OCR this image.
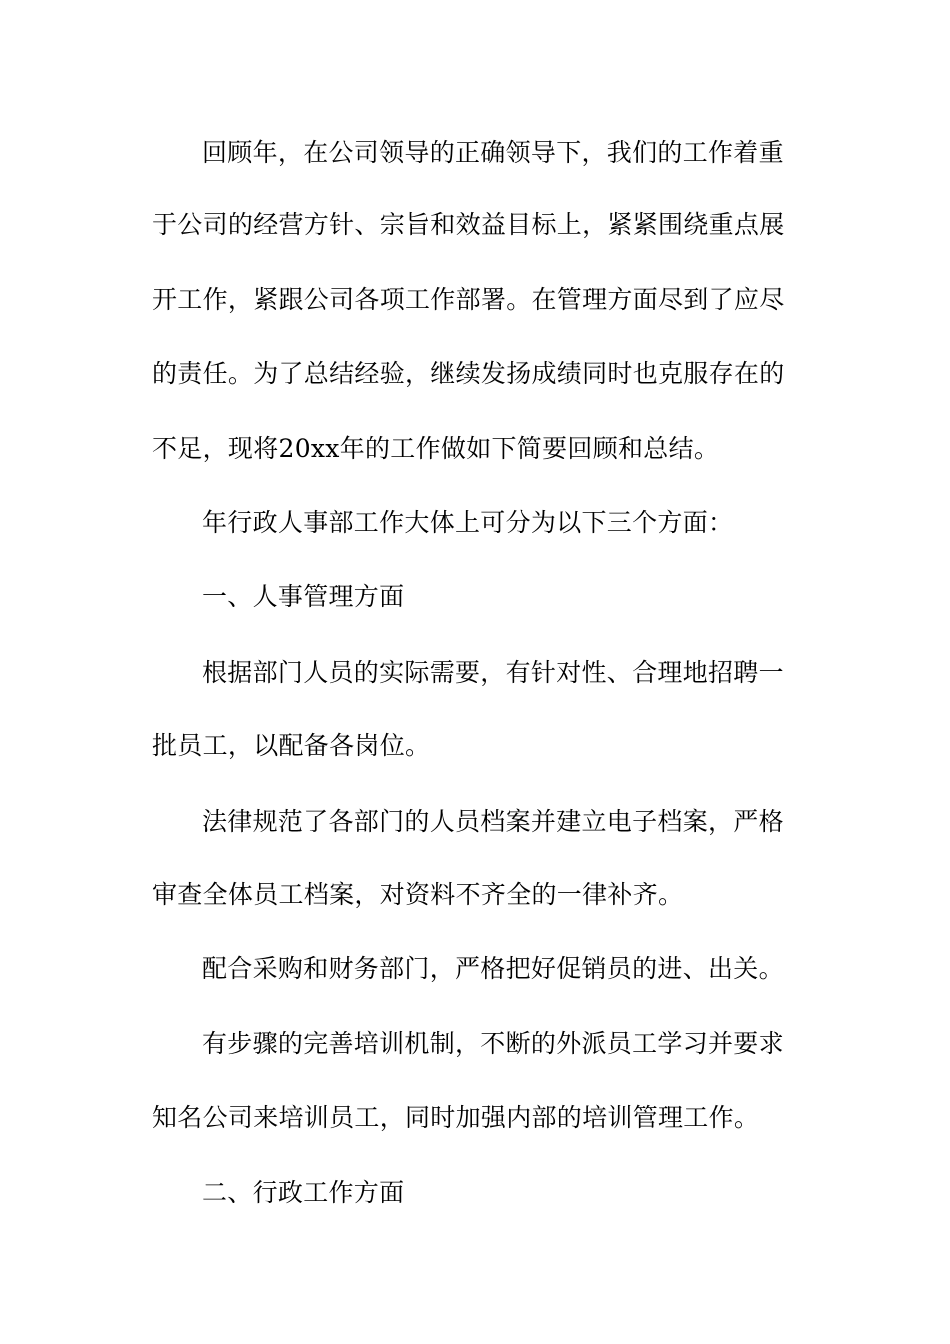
回顾年，在公司领导的正确领导下，我们的工作着重
于公司的经营方针、宗旨和效益目标上，紧紧围绕重点展
开工作，紧跟公司各项工作部署。在管理方面尽到了应尽
的责任。为了总结经验，继续发扬成绩同时也克服存在的
不足，现将20xx年的工作做如下简要回顾和总结。
年行政人事部工作大体上可分为以下三个方面：
一、人事管理方面
根据部门人员的实际需要，有针对性、合理地招聘一
批员工，以配备各岗位。
法律规范了各部门的人员档案并建立电子档案，严格
审查全体员工档案，对资料不齐全的一律补齐。
配合采购和财务部门，严格把好促销员的进、出关。
有步骤的完善培训机制，不断的外派员工学习并要求
知名公司来培训员工，同时加强内部的培训管理工作。
二、行政工作方面
